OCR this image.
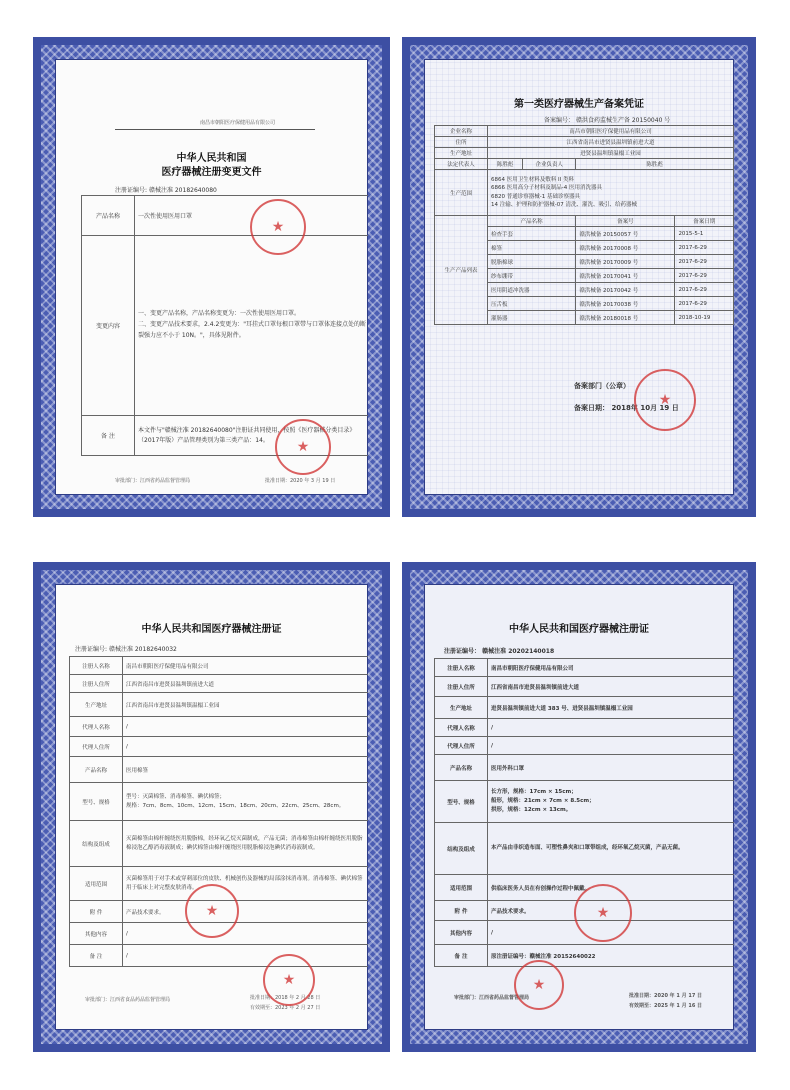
南昌市朝阳医疗保健用品有限公司
中华人民共和国
医疗器械注册变更文件
注册证编号: 赣械注准 20182640080
产品名称	一次性使用医用口罩
变更内容	一、变更产品名称，产品名称变更为：一次性使用医用口罩。
二、变更产品技术要求，2.4.2变更为："耳挂式口罩每根口罩带与口罩体连接点处的断裂强力应不小于 10N。"，具体见附件。
备 注	本文件与"赣械注准 20182640080"注册证共同使用，按照《医疗器械分类目录》（2017年版）产品管理类别为第三类产品：14。
审批部门：江西省药品监督管理局	批准日期：2020 年 3 月 19 日
★
★
第一类医疗器械生产备案凭证
备案编号： 赣洪食药监械生产备 20150040 号
企业名称	南昌市朝阳医疗保健用品有限公司			
住所	江西省南昌市进贤县温圳镇前进大道			
生产地址	进贤县温圳镇温榻工业园			
法定代表人	陈胜彪	企业负责人	陈胜彪	
生产范围	6864 医用卫生材料及敷料 II 类料
6866 医用高分子材料及制品-4 医用消洗器具
6820 普通诊察器械-1 基础诊察器具
14 注输、护理和防护器械-07 清洗、灌洗、吸引、给药器械			

生产产品列表	产品名称		备案号	备案日期
	检查手套		赣洪械备 20150057 号	2015-5-1
	棉签		赣洪械备 20170008 号	2017-6-29
	脱脂棉球		赣洪械备 20170009 号	2017-6-29
	纱布绷带		赣洪械备 20170041 号	2017-6-29
	医用阴道冲洗器		赣洪械备 20170042 号	2017-6-29
	压舌板		赣洪械备 20170038 号	2017-6-29
	灌肠器		赣洪械备 20180018 号	2018-10-19
备案部门（公章）
备案日期： 2018年 10月 19 日
★
中华人民共和国医疗器械注册证
注册证编号: 赣械注准 20182640032
注册人名称	南昌市朝阳医疗保健用品有限公司
注册人住所	江西省南昌市进贤县温圳镇前进大道
生产地址	江西省南昌市进贤县温圳镇温榻工业园
代理人名称	/
代理人住所	/
产品名称	医用棉签
型号、规格	型号：灭菌棉签、消毒棉签、碘伏棉签；
规格：7cm、8cm、10cm、12cm、15cm、18cm、20cm、22cm、25cm、28cm。
结构及组成	灭菌棉签由棉杆缠绕医用脱脂棉，经环氧乙烷灭菌制成，产品无菌；消毒棉签由棉杆缠绕医用脱脂棉浸泡乙醇消毒液制成；碘伏棉签由棉杆缠绕医用脱脂棉浸泡碘伏消毒液制成。
适用范围	灭菌棉签用于对手术或穿刺部位的皮肤、机械创伤及器械的局部涂抹消毒剂。消毒棉签、碘伏棉签用于临床上对完整皮肤消毒。
附 件	产品技术要求。
其他内容	/
备 注	/
审批部门：江西省食品药品监督管理局	批准日期：2018 年 2 月 28 日
有效期至：2023 年 2 月 27 日
★
★
中华人民共和国医疗器械注册证
注册证编号： 赣械注准 20202140018
注册人名称	南昌市朝阳医疗保健用品有限公司
注册人住所	江西省南昌市进贤县温圳镇前进大道
生产地址	进贤县温圳镇前进大道 383 号、进贤县温圳镇温榻工业园
代理人名称	/
代理人住所	/
产品名称	医用外科口罩
型号、规格	长方形，规格：17cm × 15cm；
船形，规格：21cm × 7cm × 8.5cm；
拱形，规格：12cm × 13cm。
结构及组成	本产品由非织造布面、可塑性鼻夹和口罩带组成，经环氧乙烷灭菌，产品无菌。
适用范围	供临床医务人员在有创操作过程中佩戴。
附 件	产品技术要求。
其他内容	/
备 注	原注册证编号：赣械注准 20152640022
审批部门：江西省药品监督管理局	批准日期：2020 年 1 月 17 日
有效期至：2025 年 1 月 16 日
★
★
